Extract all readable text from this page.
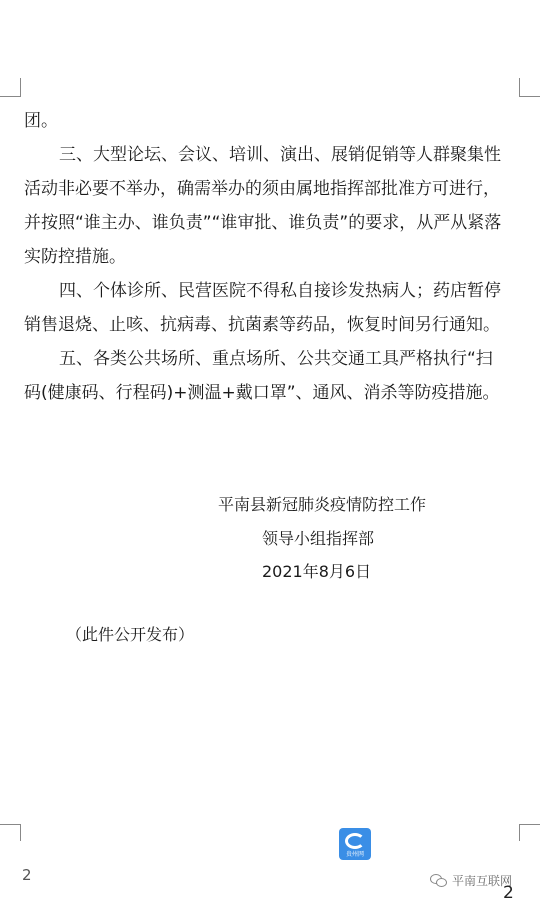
团。
三、大型论坛、会议、培训、演出、展销促销等人群聚集性
活动非必要不举办，确需举办的须由属地指挥部批准方可进行，
并按照“谁主办、谁负责”“谁审批、谁负责”的要求，从严从紧落
实防控措施。
四、个体诊所、民营医院不得私自接诊发热病人；药店暂停
销售退烧、止咳、抗病毒、抗菌素等药品，恢复时间另行通知。
五、各类公共场所、重点场所、公共交通工具严格执行“扫
码(健康码、行程码)+测温+戴口罩”、通风、消杀等防疫措施。
平南县新冠肺炎疫情防控工作
领导小组指挥部
2021年8月6日
（此件公开发布）
贵州网
2	平南互联网
2
